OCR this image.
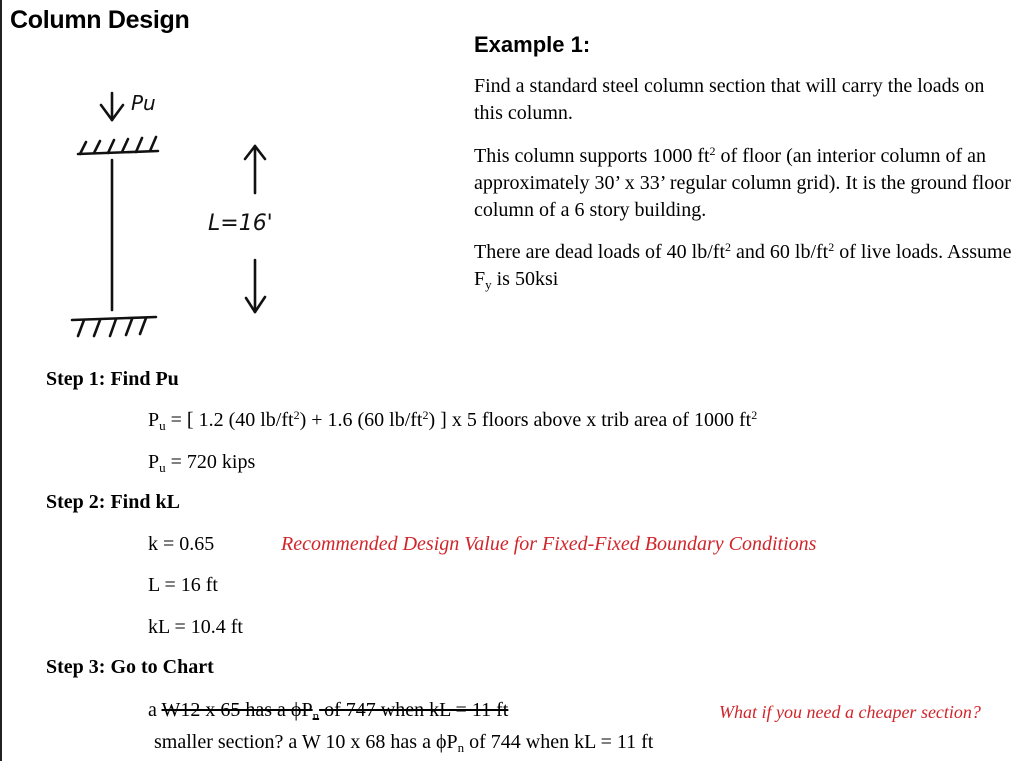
Column Design
Example 1:

Find a standard steel column section that will carry the loads on this column.

This column supports 1000 $ft^2$ of floor (an interior column of an approximately 30’ x 33’ regular column grid). It is the ground floor column of a 6 story building.

There are dead loads of 40 $lb/ft^2$ and 60 $lb/ft^2$ of live loads. Assume $F_y$ is 50ksi

Pu
L=16'
Step 1: Find Pu
$P_u$ = [ 1.2 (40 $lb/ft^2) + 1.6$ (60 $lb/ft^2$) ] x 5 floors above x trib area of 1000 $ft^2$
$P_u = 720$ kips
Step 2: Find kL
k = 0.65	Recommended Design Value for Fixed-Fixed Boundary Conditions
L = 16 ft
kL = 10.4 ft
Step 3: Go to Chart
a W12 x 65 has a $\phi P_n$ of 747 when kL = 11 ft	What if you need a cheaper section?
smaller section? a W 10 x 68 has a $\phi P_n$ of 744 when kL = 11 ft
